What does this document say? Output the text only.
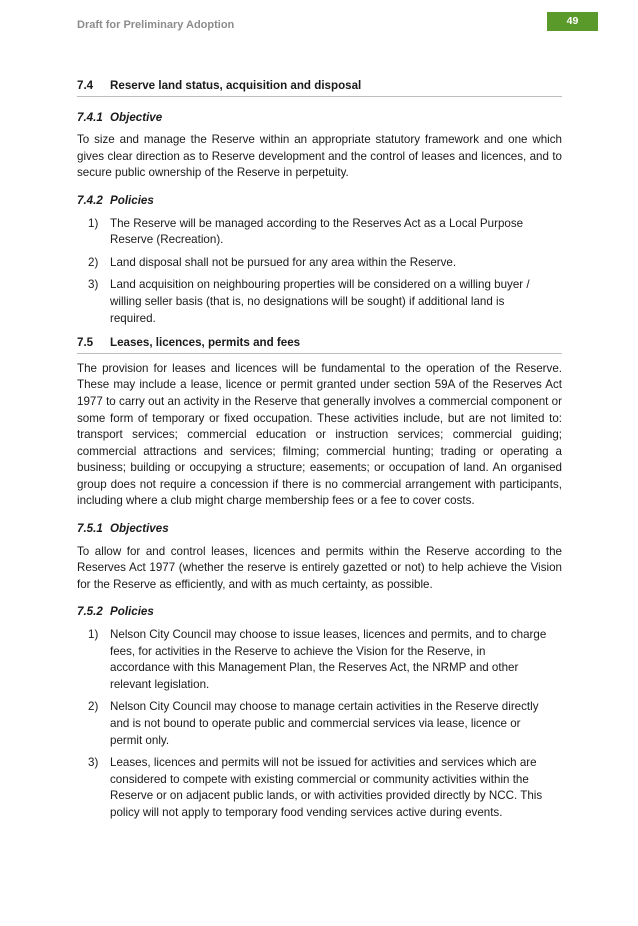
Draft for Preliminary Adoption	49
7.4	Reserve land status, acquisition and disposal
7.4.1 Objective

To size and manage the Reserve within an appropriate statutory framework and one which gives clear direction as to Reserve development and the control of leases and licences, and to secure public ownership of the Reserve in perpetuity.

7.4.2 Policies
1)	The Reserve will be managed according to the Reserves Act as a Local Purpose Reserve (Recreation).
2)	Land disposal shall not be pursued for any area within the Reserve.
3)	Land acquisition on neighbouring properties will be considered on a willing buyer / willing seller basis (that is, no designations will be sought) if additional land is required.
7.5	Leases, licences, permits and fees

The provision for leases and licences will be fundamental to the operation of the Reserve. These may include a lease, licence or permit granted under section 59A of the Reserves Act 1977 to carry out an activity in the Reserve that generally involves a commercial component or some form of temporary or fixed occupation. These activities include, but are not limited to: transport services; commercial education or instruction services; commercial guiding; commercial attractions and services; filming; commercial hunting; trading or operating a business; building or occupying a structure; easements; or occupation of land. An organised group does not require a concession if there is no commercial arrangement with participants, including where a club might charge membership fees or a fee to cover costs.

7.5.1 Objectives

To allow for and control leases, licences and permits within the Reserve according to the Reserves Act 1977 (whether the reserve is entirely gazetted or not) to help achieve the Vision for the Reserve as efficiently, and with as much certainty, as possible.

7.5.2 Policies
1)	Nelson City Council may choose to issue leases, licences and permits, and to charge fees, for activities in the Reserve to achieve the Vision for the Reserve, in accordance with this Management Plan, the Reserves Act, the NRMP and other relevant legislation.
2)	Nelson City Council may choose to manage certain activities in the Reserve directly and is not bound to operate public and commercial services via lease, licence or permit only.
3)	Leases, licences and permits will not be issued for activities and services which are considered to compete with existing commercial or community activities within the Reserve or on adjacent public lands, or with activities provided directly by NCC. This policy will not apply to temporary food vending services active during events.
